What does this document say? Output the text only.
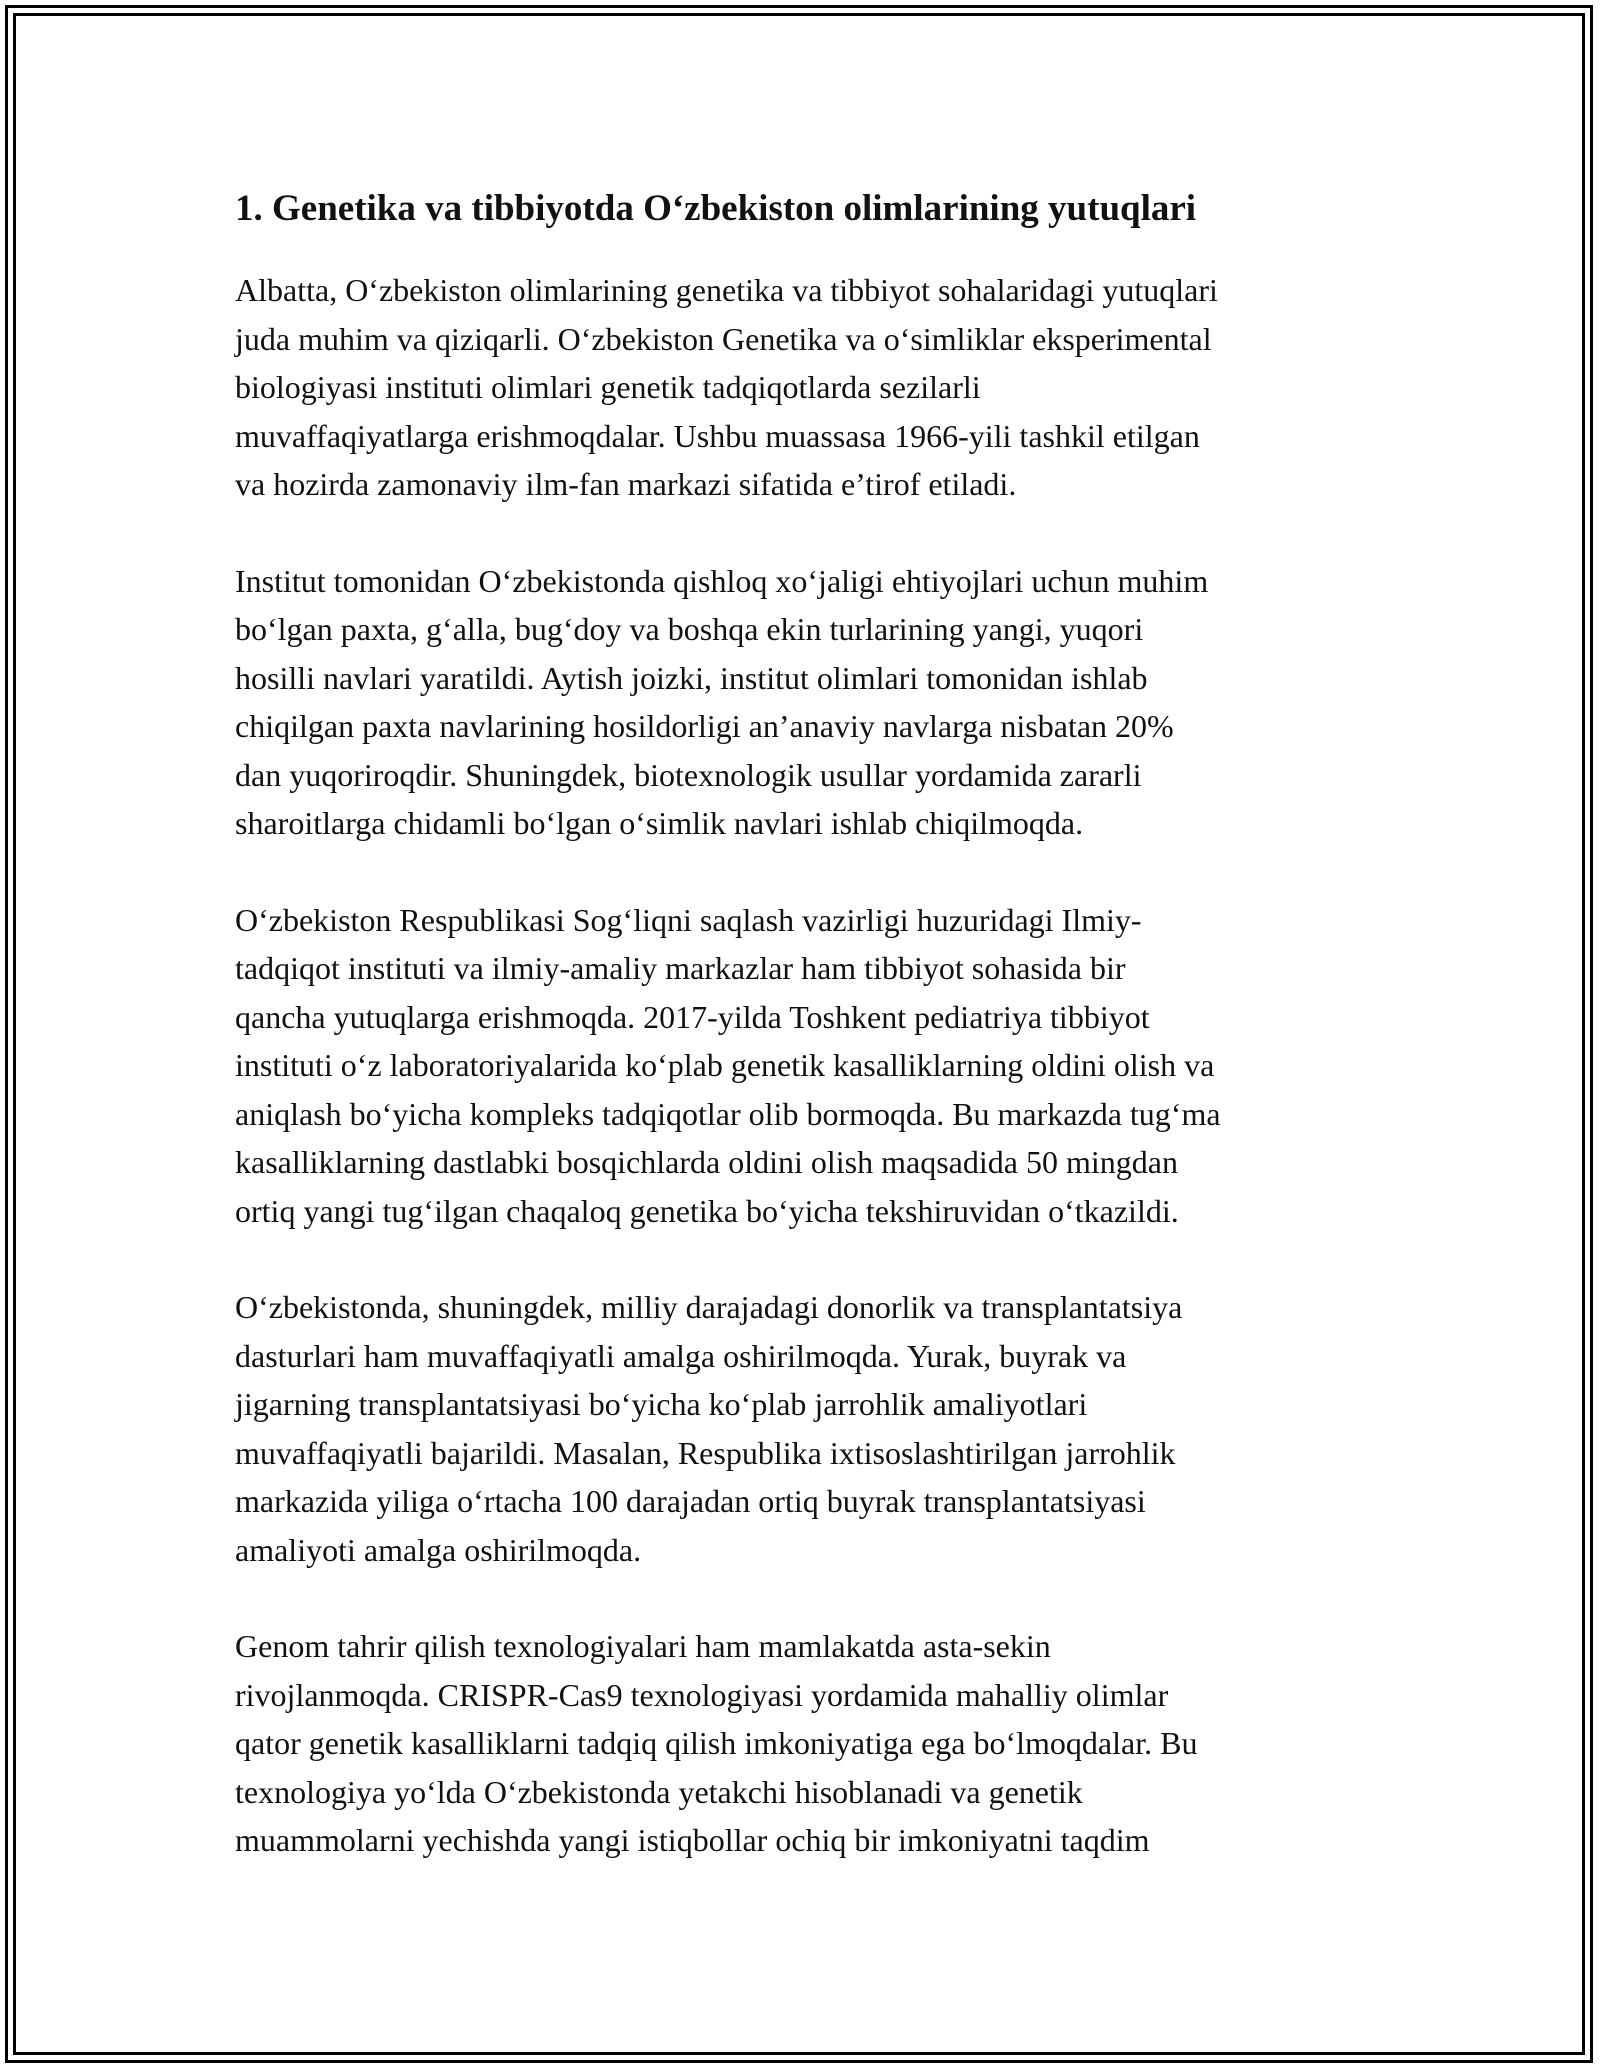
1. Genetika va tibbiyotda O‘zbekiston olimlarining yutuqlari
Albatta, O‘zbekiston olimlarining genetika va tibbiyot sohalaridagi yutuqlari
juda muhim va qiziqarli. O‘zbekiston Genetika va o‘simliklar eksperimental
biologiyasi instituti olimlari genetik tadqiqotlarda sezilarli
muvaffaqiyatlarga erishmoqdalar. Ushbu muassasa 1966-yili tashkil etilgan
va hozirda zamonaviy ilm-fan markazi sifatida e’tirof etiladi.
Institut tomonidan O‘zbekistonda qishloq xo‘jaligi ehtiyojlari uchun muhim
bo‘lgan paxta, g‘alla, bug‘doy va boshqa ekin turlarining yangi, yuqori
hosilli navlari yaratildi. Aytish joizki, institut olimlari tomonidan ishlab
chiqilgan paxta navlarining hosildorligi an’anaviy navlarga nisbatan 20%
dan yuqoriroqdir. Shuningdek, biotexnologik usullar yordamida zararli
sharoitlarga chidamli bo‘lgan o‘simlik navlari ishlab chiqilmoqda.
O‘zbekiston Respublikasi Sog‘liqni saqlash vazirligi huzuridagi Ilmiy-
tadqiqot instituti va ilmiy-amaliy markazlar ham tibbiyot sohasida bir
qancha yutuqlarga erishmoqda. 2017-yilda Toshkent pediatriya tibbiyot
instituti o‘z laboratoriyalarida ko‘plab genetik kasalliklarning oldini olish va
aniqlash bo‘yicha kompleks tadqiqotlar olib bormoqda. Bu markazda tug‘ma
kasalliklarning dastlabki bosqichlarda oldini olish maqsadida 50 mingdan
ortiq yangi tug‘ilgan chaqaloq genetika bo‘yicha tekshiruvidan o‘tkazildi.
O‘zbekistonda, shuningdek, milliy darajadagi donorlik va transplantatsiya
dasturlari ham muvaffaqiyatli amalga oshirilmoqda. Yurak, buyrak va
jigarning transplantatsiyasi bo‘yicha ko‘plab jarrohlik amaliyotlari
muvaffaqiyatli bajarildi. Masalan, Respublika ixtisoslashtirilgan jarrohlik
markazida yiliga o‘rtacha 100 darajadan ortiq buyrak transplantatsiyasi
amaliyoti amalga oshirilmoqda.
Genom tahrir qilish texnologiyalari ham mamlakatda asta-sekin
rivojlanmoqda. CRISPR-Cas9 texnologiyasi yordamida mahalliy olimlar
qator genetik kasalliklarni tadqiq qilish imkoniyatiga ega bo‘lmoqdalar. Bu
texnologiya yo‘lda O‘zbekistonda yetakchi hisoblanadi va genetik
muammolarni yechishda yangi istiqbollar ochiq bir imkoniyatni taqdim
